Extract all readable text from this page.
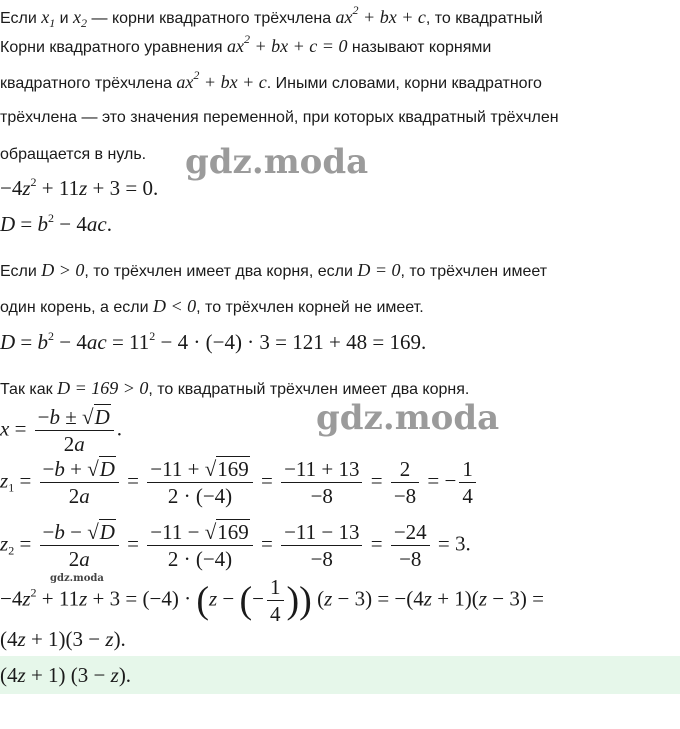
Если $x_1$ и $x_2$ — корни квадратного трёхчлена $ax^2$ + bx + c, то квадратный
Корни квадратного уравнения $ax^2$ + bx + c = 0 называют корнями
квадратного трёхчлена $ax^2$ + bx + c. Иными словами, корни квадратного
трёхчлена — это значения переменной, при которых квадратный трёхчлен
обращается в нуль. gdz.moda
$-4z^2 + 11z + 3 = 0$.
$D = b^2 - 4ac$.
Если D > 0, то трёхчлен имеет два корня, если D = 0, то трёхчлен имеет
один корень, а если D < 0, то трёхчлен корней не имеет.
$D = b^2 - 4ac = 11^2 - 4 \cdot (-4) \cdot 3 = 121 + 48 = 169$.
Так как D = 169 > 0, то квадратный трёхчлен имеет два корня.
$x = \frac{-b \pm √D}{2a}$ .	gdz.moda
$z_1 = \frac{-b + √D}{2a} = \frac{-11 + √169}{2 \cdot (-4)} = \frac{-11 + 13}{-8} = \frac{2}{-8}$ = − $\frac{1}{4}$
$z_2 = \frac{-b - √D}{2a} = \frac{-11 - √169}{2 \cdot (-4)} = \frac{-11 - 13}{-8} = \frac{-24}{-8} = 3$.
gdz.moda
$-4z^2 + 11z + 3 = (-4) \cdot (z$ − (− $\frac{1}{4}$ )) (z − 3) = −(4z + 1)(z − 3) =
(4z + 1)(3 − z).
(4z + 1) (3 − z).
